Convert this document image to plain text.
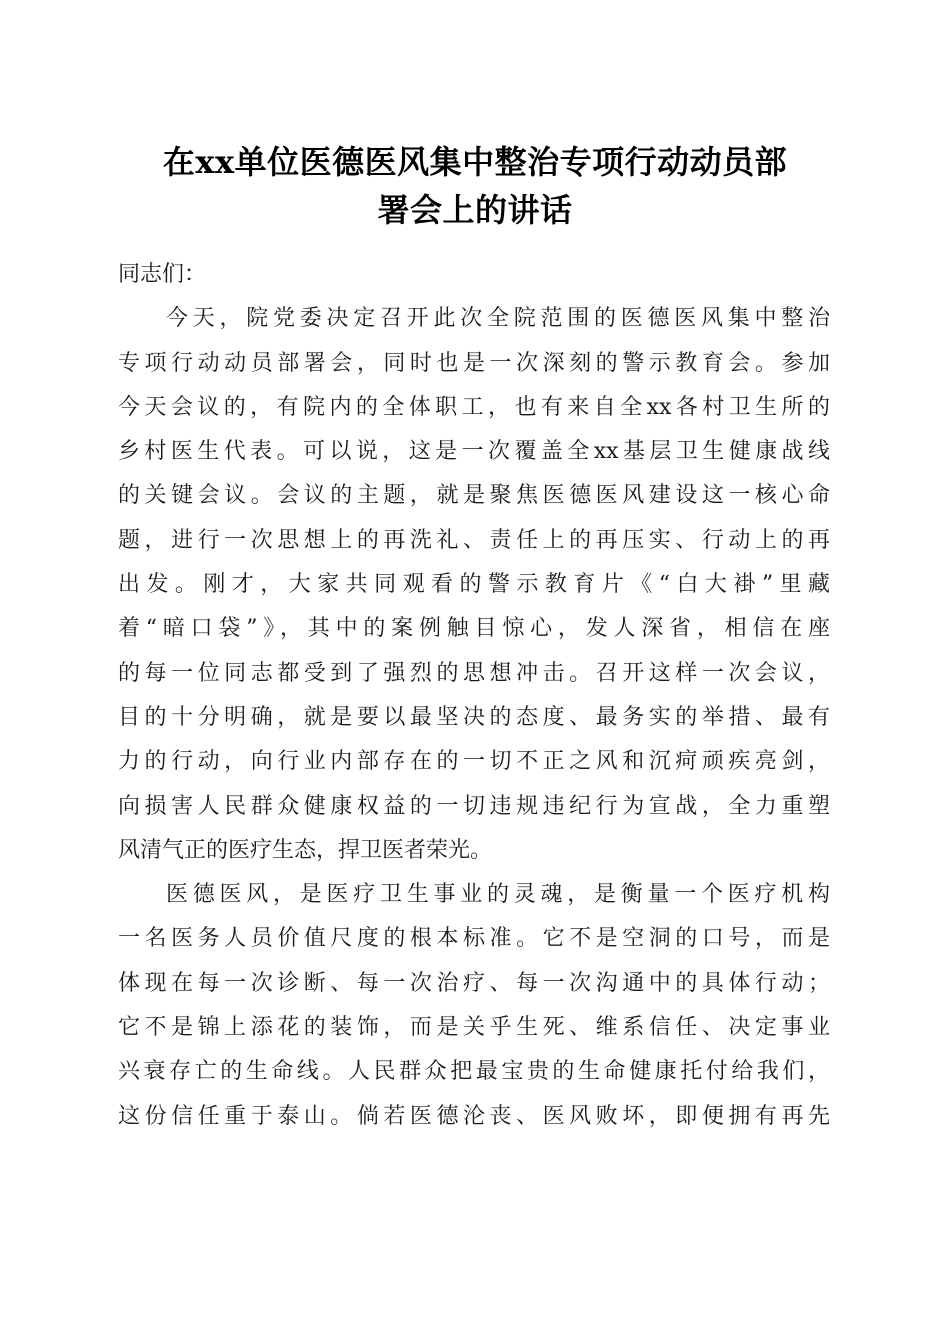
在xx单位医德医风集中整治专项行动动员部
署会上的讲话
同志们：
今天，院党委决定召开此次全院范围的医德医风集中整治
专项行动动员部署会，同时也是一次深刻的警示教育会。参加
今天会议的，有院内的全体职工，也有来自全xx各村卫生所的
乡村医生代表。可以说，这是一次覆盖全xx基层卫生健康战线
的关键会议。会议的主题，就是聚焦医德医风建设这一核心命
题，进行一次思想上的再洗礼、责任上的再压实、行动上的再
出发。刚才，大家共同观看的警示教育片《“白大褂”里藏
着“暗口袋”》，其中的案例触目惊心，发人深省，相信在座
的每一位同志都受到了强烈的思想冲击。召开这样一次会议，
目的十分明确，就是要以最坚决的态度、最务实的举措、最有
力的行动，向行业内部存在的一切不正之风和沉疴顽疾亮剑，
向损害人民群众健康权益的一切违规违纪行为宣战，全力重塑
风清气正的医疗生态，捍卫医者荣光。
医德医风，是医疗卫生事业的灵魂，是衡量一个医疗机构
一名医务人员价值尺度的根本标准。它不是空洞的口号，而是
体现在每一次诊断、每一次治疗、每一次沟通中的具体行动；
它不是锦上添花的装饰，而是关乎生死、维系信任、决定事业
兴衰存亡的生命线。人民群众把最宝贵的生命健康托付给我们，
这份信任重于泰山。倘若医德沦丧、医风败坏，即便拥有再先
